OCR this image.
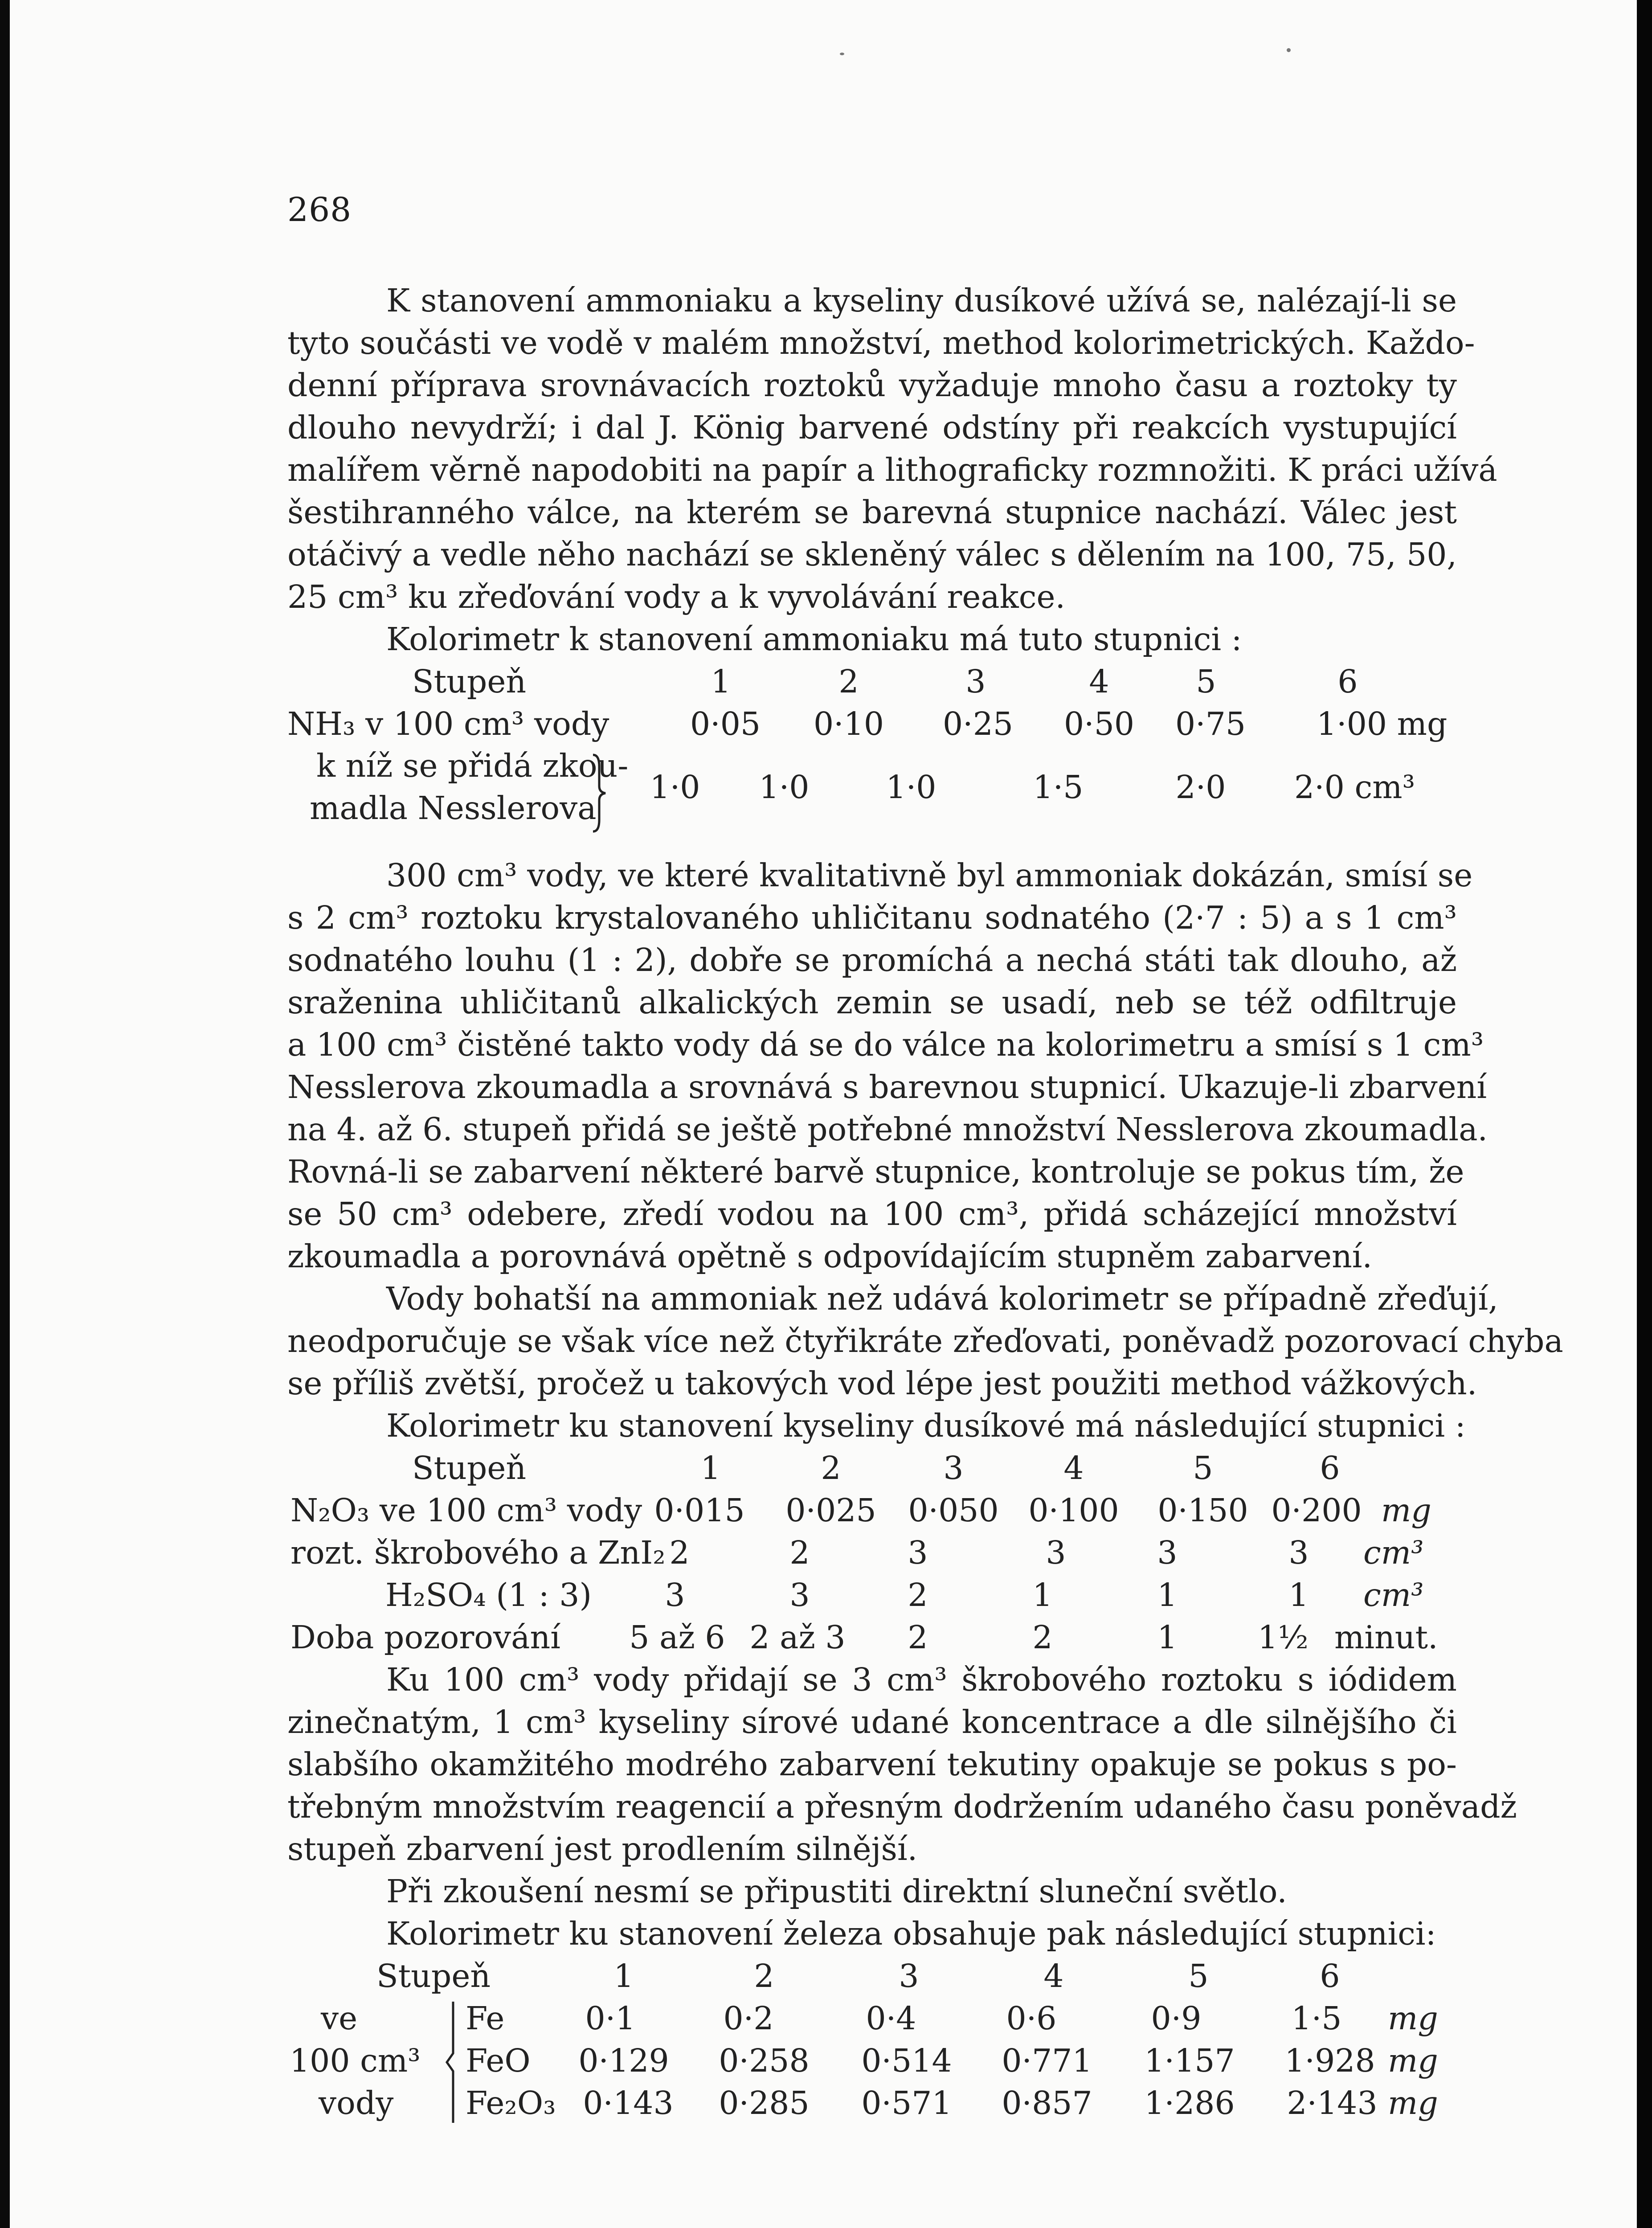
268
K stanovení ammoniaku a kyseliny dusíkové užívá se, nalézají-li se
tyto součásti ve vodě v malém množství, method kolorimetrických. Každo-
denní příprava srovnávacích roztoků vyžaduje mnoho času a roztoky ty
dlouho nevydrží; i dal J. König barvené odstíny při reakcích vystupující
malířem věrně napodobiti na papír a lithograficky rozmnožiti. K práci užívá
šestihranného válce, na kterém se barevná stupnice nachází. Válec jest
otáčivý a vedle něho nachází se skleněný válec s dělením na 100, 75, 50,
25 cm³ ku zřeďování vody a k vyvolávání reakce.
Kolorimetr k stanovení ammoniaku má tuto stupnici :
Stupeň	1	2	3	4	5	6
NH₃ v 100 cm³ vody	0·05 0·10 0·25 0·50 0·75 1·00 mg
k níž se přidá zkou-
madla Nesslerova
1·0 1·0 1·0	1·5	2·0 2·0 cm³
300 cm³ vody, ve které kvalitativně byl ammoniak dokázán, smísí se
s 2 cm³ roztoku krystalovaného uhličitanu sodnatého (2·7 : 5) a s 1 cm³
sodnatého louhu (1 : 2), dobře se promíchá a nechá státi tak dlouho, až
sraženina uhličitanů alkalických zemin se usadí, neb se též odfiltruje
a 100 cm³ čistěné takto vody dá se do válce na kolorimetru a smísí s 1 cm³
Nesslerova zkoumadla a srovnává s barevnou stupnicí. Ukazuje-li zbarvení
na 4. až 6. stupeň přidá se ještě potřebné množství Nesslerova zkoumadla.
Rovná-li se zabarvení některé barvě stupnice, kontroluje se pokus tím, že
se 50 cm³ odebere, zředí vodou na 100 cm³, přidá scházející množství
zkoumadla a porovnává opětně s odpovídajícím stupněm zabarvení.
Vody bohatší na ammoniak než udává kolorimetr se případně zřeďují,
neodporučuje se však více než čtyřikráte zřeďovati, poněvadž pozorovací chyba
se příliš zvětší, pročež u takových vod lépe jest použiti method vážkových.
Kolorimetr ku stanovení kyseliny dusíkové má následující stupnici :
Stupeň	1	2	3	4	5	6
N₂O₃ ve 100 cm³ vody 0·015 0·025 0·050 0·100 0·150 0·200 mg
rozt. škrobového a ZnI₂ 2	2	3	3	3	3 cm³
H₂SO₄ (1 : 3) 3	3	2	1	1	1 cm³
Doba pozorování 5 až 6 2 až 3 2	2	1	1½ minut.
Ku 100 cm³ vody přidají se 3 cm³ škrobového roztoku s iódidem
zinečnatým, 1 cm³ kyseliny sírové udané koncentrace a dle silnějšího či
slabšího okamžitého modrého zabarvení tekutiny opakuje se pokus s po-
třebným množstvím reagencií a přesným dodržením udaného času poněvadž
stupeň zbarvení jest prodlením silnější.
Při zkoušení nesmí se připustiti direktní sluneční světlo.
Kolorimetr ku stanovení železa obsahuje pak následující stupnici:
Stupeň	1	2	3	4	5	6
ve
100 cm³
vody
Fe	0·1	0·2	0·4	0·6	0·9	1·5 mg
FeO 0·129 0·258 0·514 0·771 1·157 1·928 mg
Fe₂O₃ 0·143 0·285 0·571 0·857 1·286 2·143 mg
